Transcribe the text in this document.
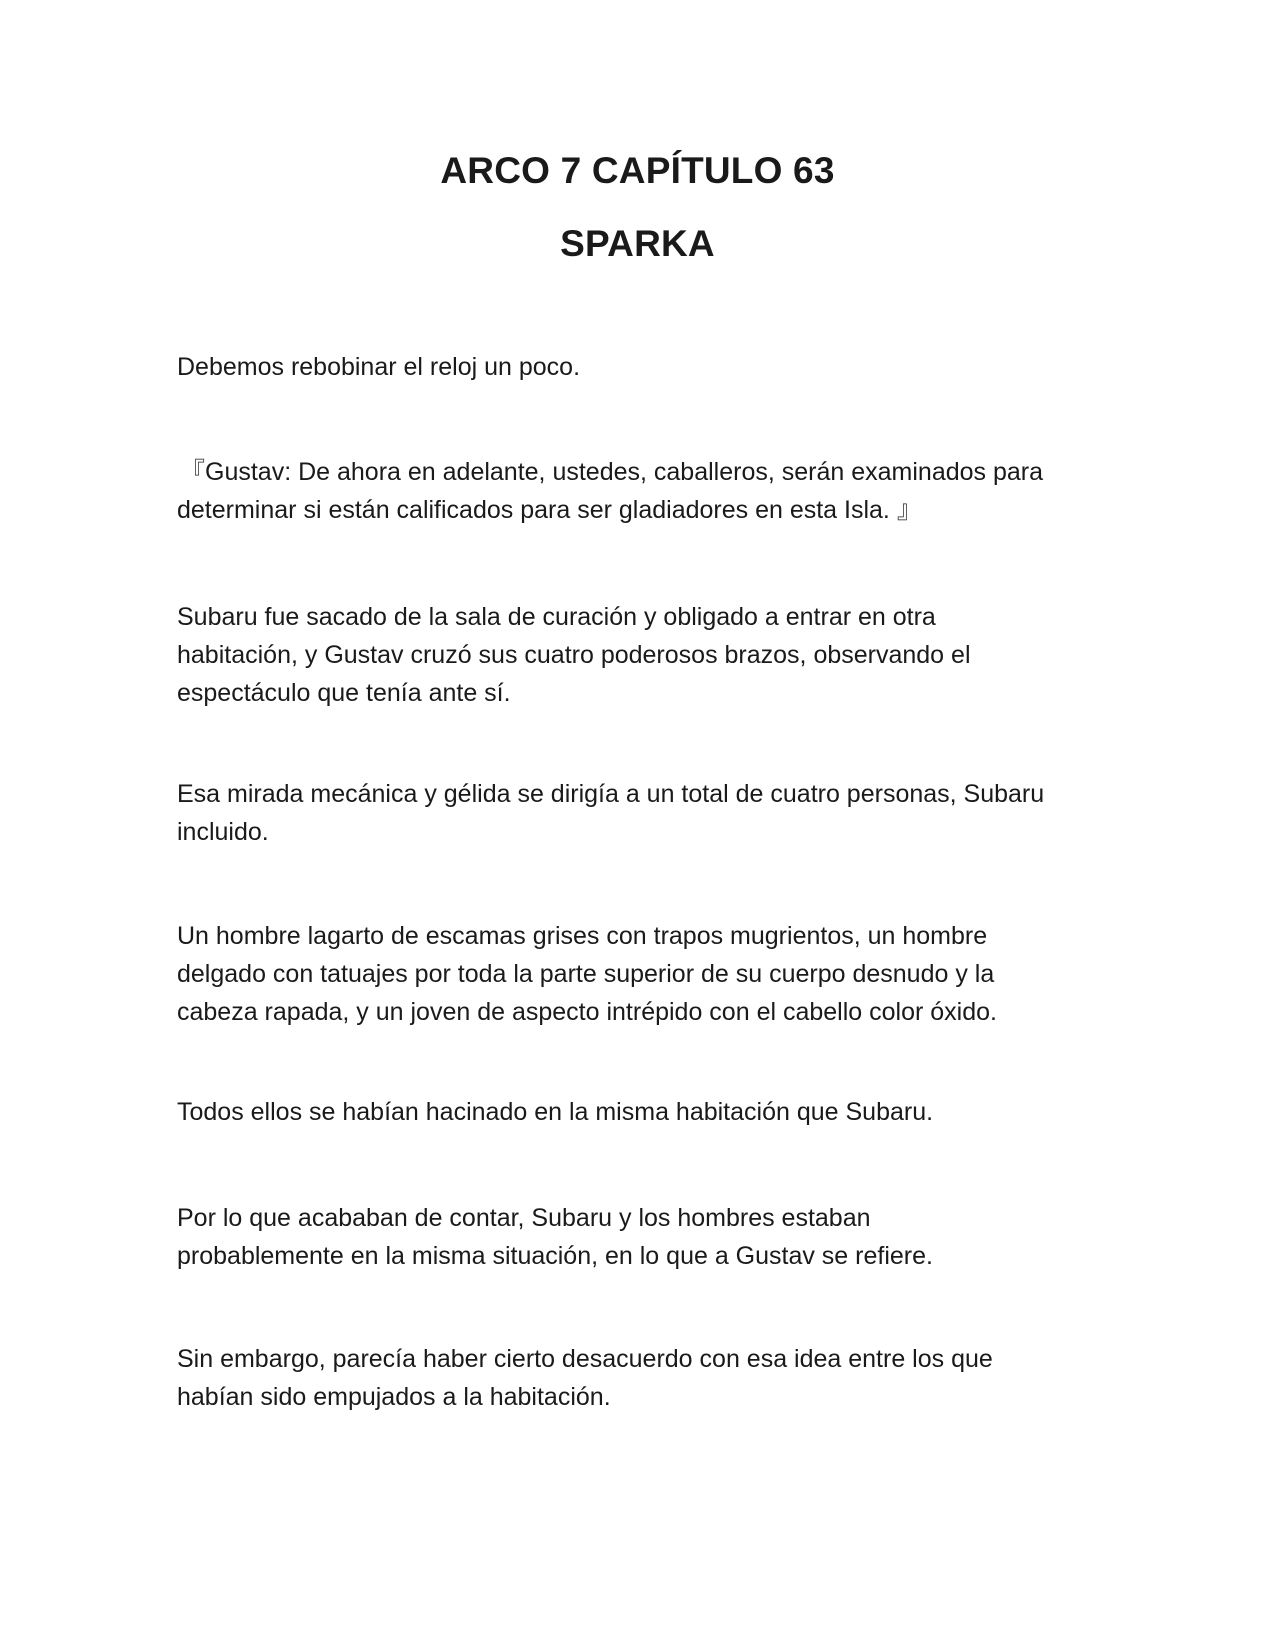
ARCO 7 CAPÍTULO 63
SPARKA

Debemos rebobinar el reloj un poco.

『Gustav: De ahora en adelante, ustedes, caballeros, serán examinados para
determinar si están calificados para ser gladiadores en esta Isla. 』

Subaru fue sacado de la sala de curación y obligado a entrar en otra
habitación, y Gustav cruzó sus cuatro poderosos brazos, observando el
espectáculo que tenía ante sí.

Esa mirada mecánica y gélida se dirigía a un total de cuatro personas, Subaru
incluido.

Un hombre lagarto de escamas grises con trapos mugrientos, un hombre
delgado con tatuajes por toda la parte superior de su cuerpo desnudo y la
cabeza rapada, y un joven de aspecto intrépido con el cabello color óxido.

Todos ellos se habían hacinado en la misma habitación que Subaru.

Por lo que acababan de contar, Subaru y los hombres estaban
probablemente en la misma situación, en lo que a Gustav se refiere.

Sin embargo, parecía haber cierto desacuerdo con esa idea entre los que
habían sido empujados a la habitación.
